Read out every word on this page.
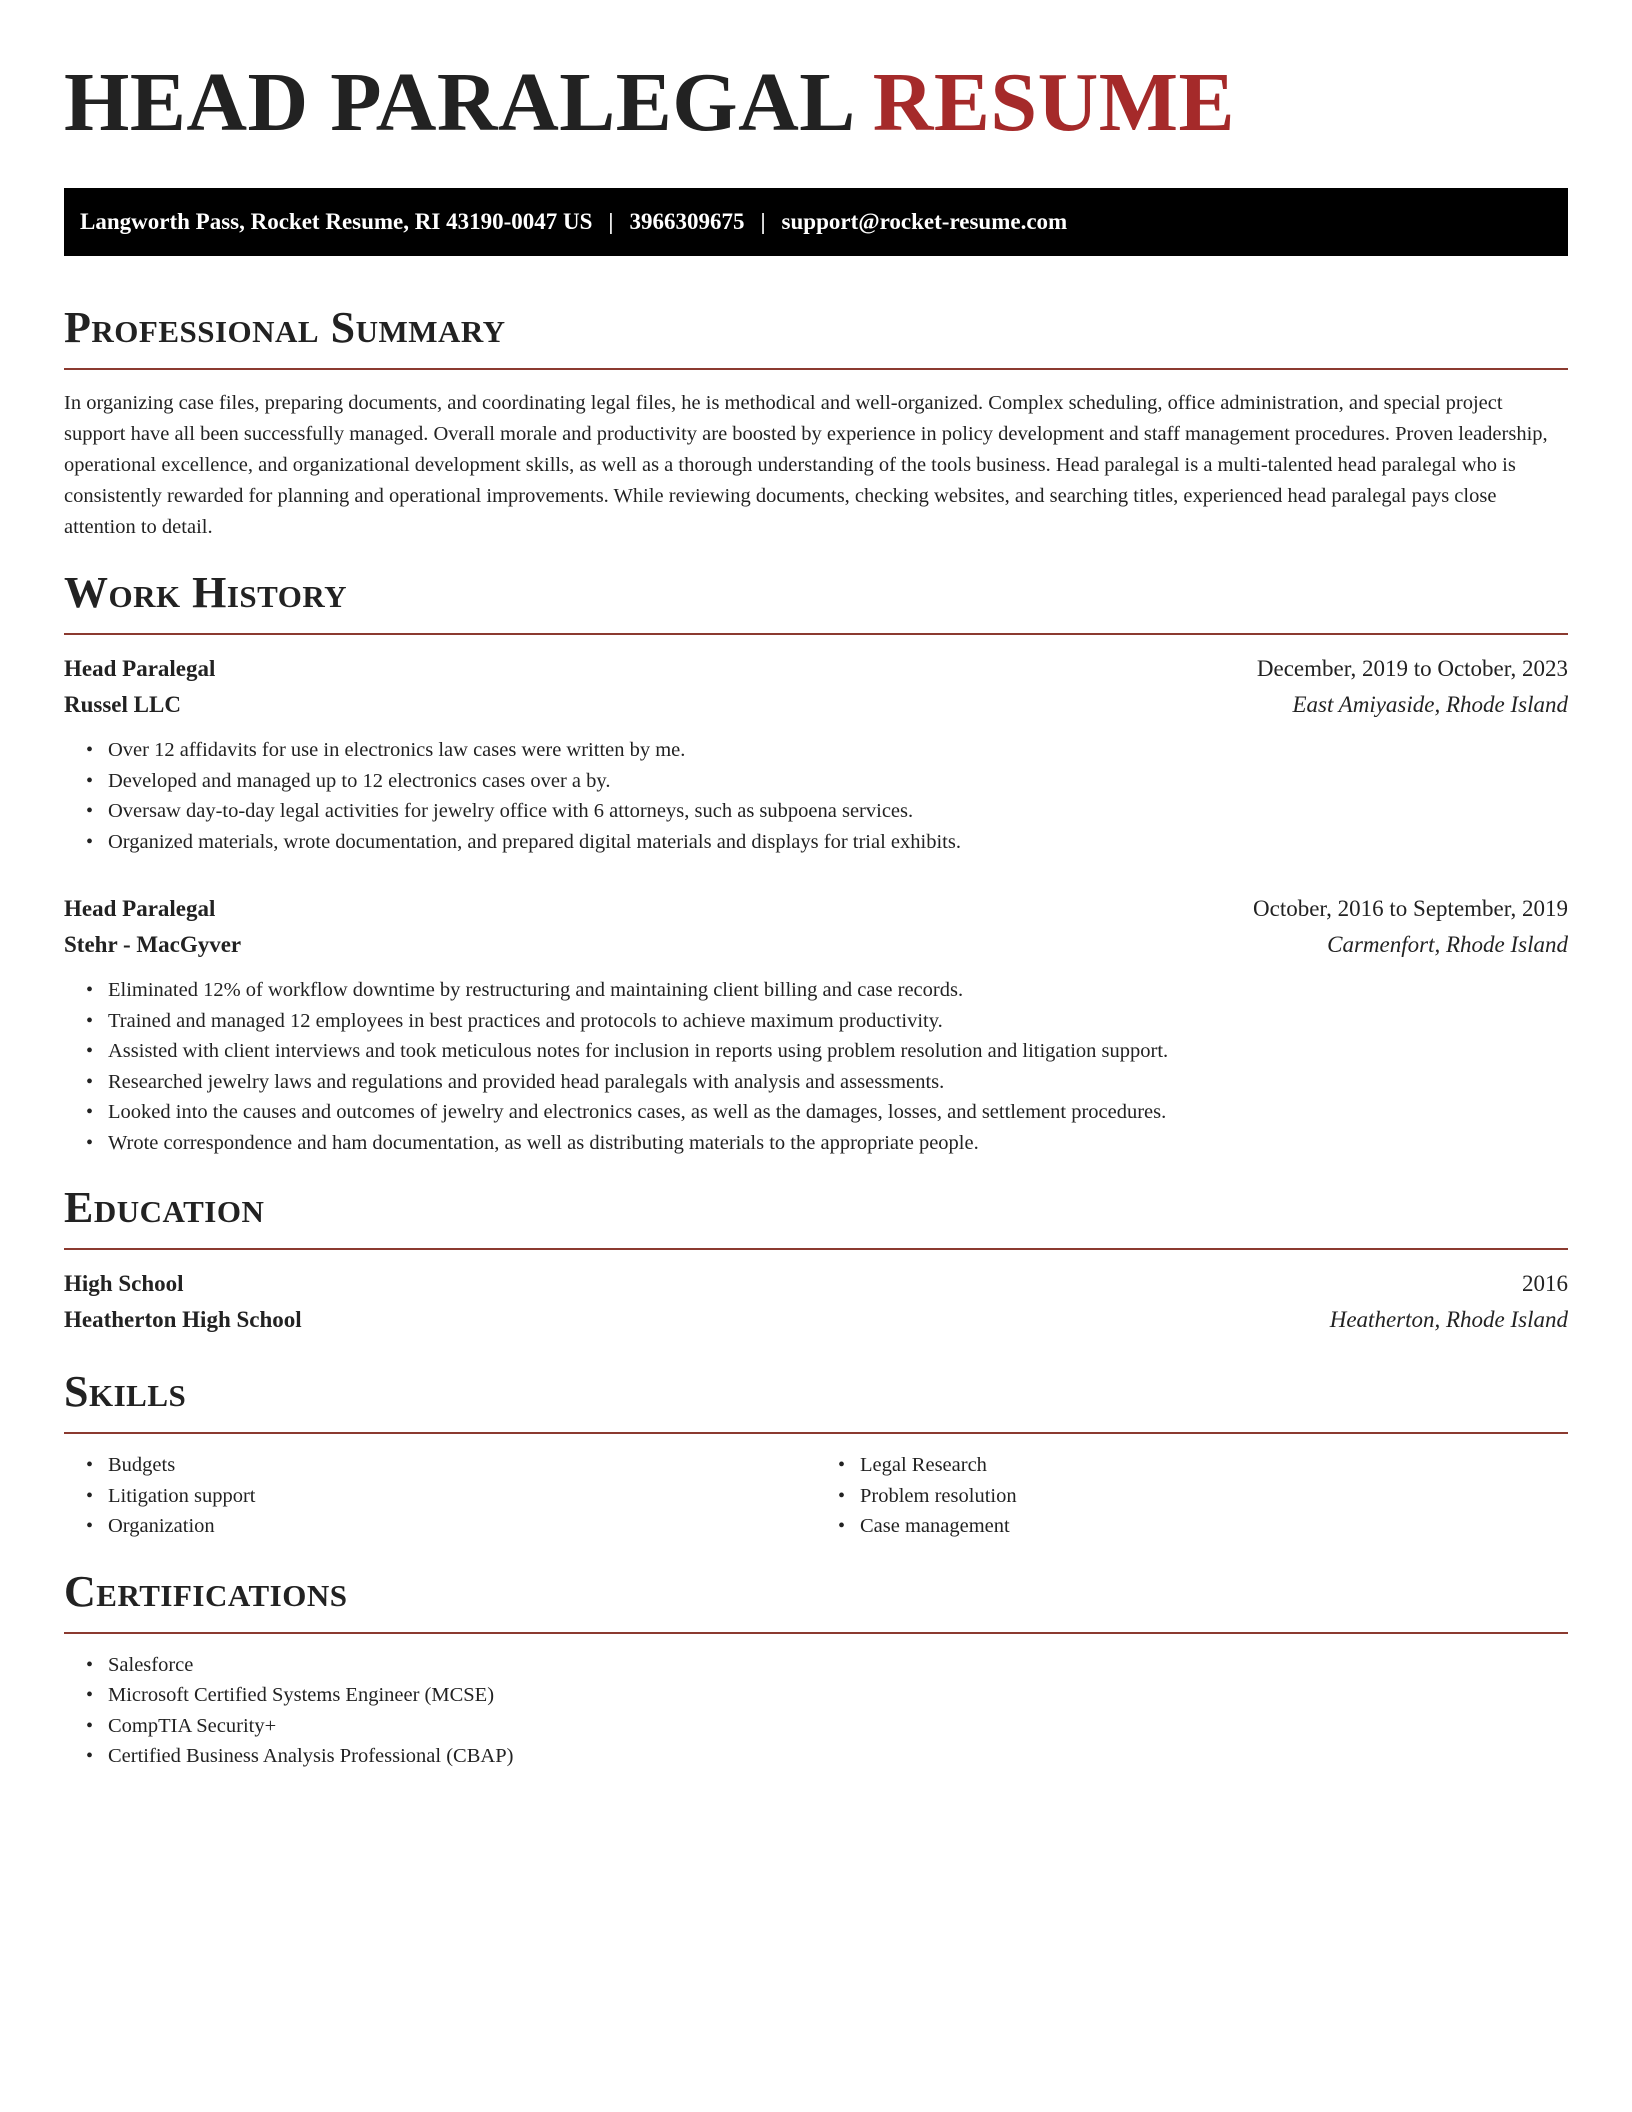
HEAD PARALEGAL RESUME
Langworth Pass, Rocket Resume, RI 43190-0047 US | 3966309675 | support@rocket-resume.com
Professional Summary

In organizing case files, preparing documents, and coordinating legal files, he is methodical and well-organized. Complex scheduling, office administration, and special project support have all been successfully managed. Overall morale and productivity are boosted by experience in policy development and staff management procedures. Proven leadership, operational excellence, and organizational development skills, as well as a thorough understanding of the tools business. Head paralegal is a multi-talented head paralegal who is consistently rewarded for planning and operational improvements. While reviewing documents, checking websites, and searching titles, experienced head paralegal pays close attention to detail.

Work History
Head Paralegal	December, 2019 to October, 2023
Russel LLC	East Amiyaside, Rhode Island
• Over 12 affidavits for use in electronics law cases were written by me.
• Developed and managed up to 12 electronics cases over a by.
• Oversaw day-to-day legal activities for jewelry office with 6 attorneys, such as subpoena services.
• Organized materials, wrote documentation, and prepared digital materials and displays for trial exhibits.
Head Paralegal	October, 2016 to September, 2019
Stehr - MacGyver	Carmenfort, Rhode Island
• Eliminated 12% of workflow downtime by restructuring and maintaining client billing and case records.
• Trained and managed 12 employees in best practices and protocols to achieve maximum productivity.
• Assisted with client interviews and took meticulous notes for inclusion in reports using problem resolution and litigation support.
• Researched jewelry laws and regulations and provided head paralegals with analysis and assessments.
• Looked into the causes and outcomes of jewelry and electronics cases, as well as the damages, losses, and settlement procedures.
• Wrote correspondence and ham documentation, as well as distributing materials to the appropriate people.
Education
High School	2016
Heatherton High School	Heatherton, Rhode Island
Skills
• Budgets
• Litigation support
• Organization
• Legal Research
• Problem resolution
• Case management
Certifications
• Salesforce
• Microsoft Certified Systems Engineer (MCSE)
• CompTIA Security+
• Certified Business Analysis Professional (CBAP)
